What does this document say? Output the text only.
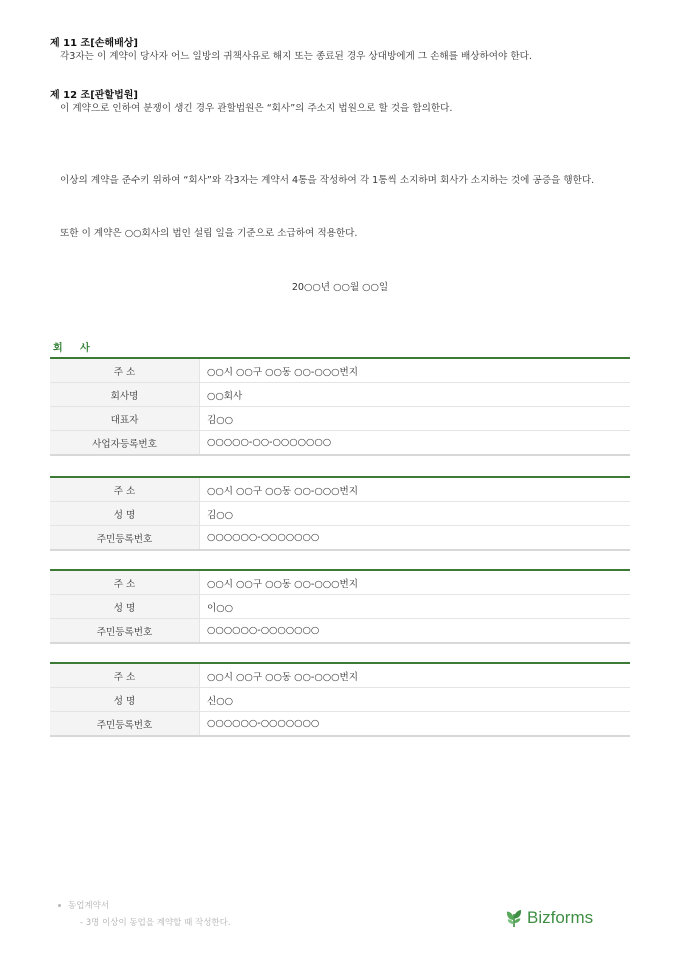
제 11 조[손해배상]
각3자는 이 계약이 당사자 어느 일방의 귀책사유로 해지 또는 종료된 경우 상대방에게 그 손해를 배상하여야 한다.
제 12 조[관할법원]
이 계약으로 인하여 분쟁이 생긴 경우 관할법원은 “회사”의 주소지 법원으로 할 것을 합의한다.
이상의 계약을 준수키 위하여 “회사”와 각3자는 계약서 4통을 작성하여 각 1통씩 소지하며 회사가 소지하는 것에 공증을 행한다.
또한 이 계약은 ○○회사의 법인 설립 일을 기준으로 소급하여 적용한다.
20○○년 ○○월 ○○일
회 사
주 소	○○시 ○○구 ○○동 ○○-○○○번지
회사명	○○회사
대표자	김○○
사업자등록번호	○○○○○-○○-○○○○○○○
주 소	○○시 ○○구 ○○동 ○○-○○○번지
성 명	김○○
주민등록번호	○○○○○○-○○○○○○○
주 소	○○시 ○○구 ○○동 ○○-○○○번지
성 명	이○○
주민등록번호	○○○○○○-○○○○○○○
주 소	○○시 ○○구 ○○동 ○○-○○○번지
성 명	신○○
주민등록번호	○○○○○○-○○○○○○○
동업계약서
- 3명 이상이 동업을 계약할 때 작성한다.	Bizforms
